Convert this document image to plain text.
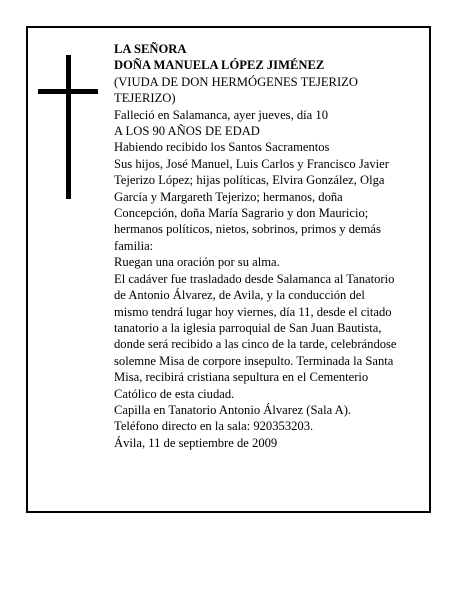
LA SEÑORA
DOÑA MANUELA LÓPEZ JIMÉNEZ
(VIUDA DE DON HERMÓGENES TEJERIZO
TEJERIZO)
Falleció en Salamanca, ayer jueves, día 10
A LOS 90 AÑOS DE EDAD
Habiendo recibido los Santos Sacramentos
Sus hijos, José Manuel, Luis Carlos y Francisco Javier
Tejerizo López; hijas políticas, Elvira González, Olga
García y Margareth Tejerizo; hermanos, doña
Concepción, doña María Sagrario y don Mauricio;
hermanos políticos, nietos, sobrinos, primos y demás
familia:
Ruegan una oración por su alma.
El cadáver fue trasladado desde Salamanca al Tanatorio
de Antonio Álvarez, de Avila, y la conducción del
mismo tendrá lugar hoy viernes, día 11, desde el citado
tanatorio a la iglesia parroquial de San Juan Bautista,
donde será recibido a las cinco de la tarde, celebrándose
solemne Misa de corpore insepulto. Terminada la Santa
Misa, recibirá cristiana sepultura en el Cementerio
Católico de esta ciudad.
Capilla en Tanatorio Antonio Álvarez (Sala A).
Teléfono directo en la sala: 920353203.
Ávila, 11 de septiembre de 2009
